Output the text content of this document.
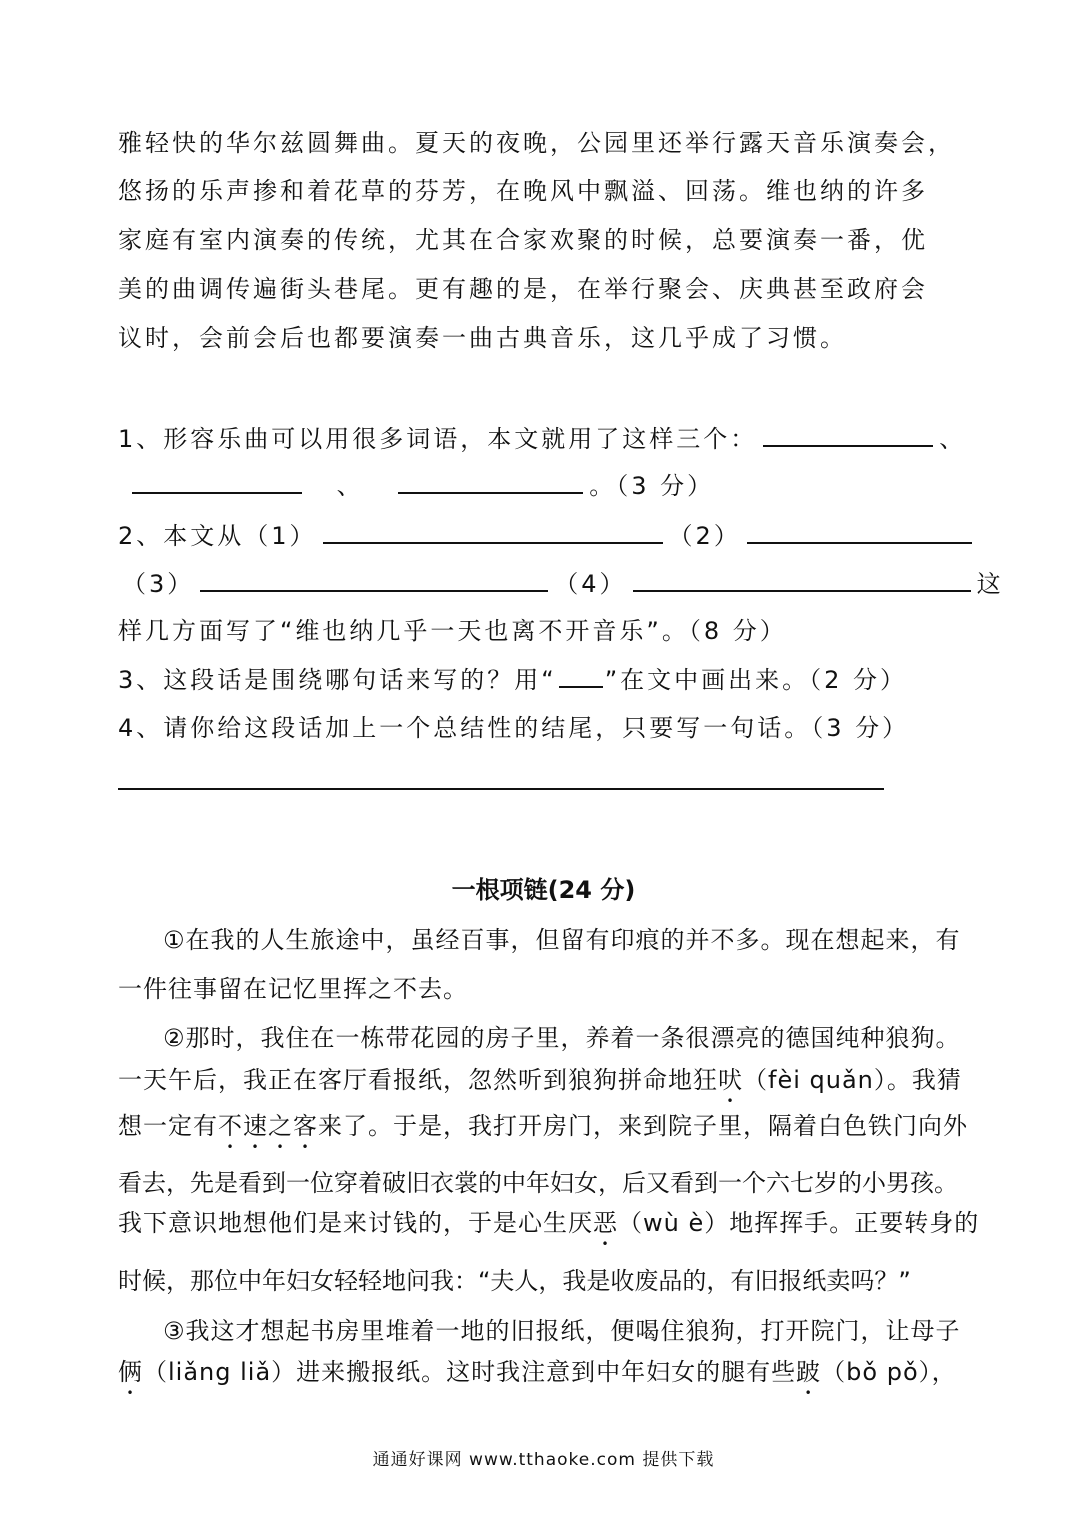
雅轻快的华尔兹圆舞曲。夏天的夜晚，公园里还举行露天音乐演奏会，
悠扬的乐声掺和着花草的芬芳，在晚风中飘溢、回荡。维也纳的许多
家庭有室内演奏的传统，尤其在合家欢聚的时候，总要演奏一番，优
美的曲调传遍街头巷尾。更有趣的是，在举行聚会、庆典甚至政府会
议时，会前会后也都要演奏一曲古典音乐，这几乎成了习惯。
1、形容乐曲可以用很多词语，本文就用了这样三个：	、
、	。（3 分）
2、本文从（1）	（2）
（3）	（4）	这
样几方面写了“维也纳几乎一天也离不开音乐”。（8 分）
3、这段话是围绕哪句话来写的？用“ ”在文中画出来。（2 分）
4、请你给这段话加上一个总结性的结尾，只要写一句话。（3 分）
一根项链(24 分)
①在我的人生旅途中，虽经百事，但留有印痕的并不多。现在想起来，有
一件往事留在记忆里挥之不去。
②那时，我住在一栋带花园的房子里，养着一条很漂亮的德国纯种狼狗。
一天午后，我正在客厅看报纸，忽然听到狼狗拼命地狂吠（fèi quǎn）。我猜
想一定有不速之客来了。于是，我打开房门，来到院子里，隔着白色铁门向外
看去，先是看到一位穿着破旧衣裳的中年妇女，后又看到一个六七岁的小男孩。
我下意识地想他们是来讨钱的，于是心生厌恶（wù è）地挥挥手。正要转身的
时候，那位中年妇女轻轻地问我：“夫人，我是收废品的，有旧报纸卖吗？”
③我这才想起书房里堆着一地的旧报纸，便喝住狼狗，打开院门，让母子
俩（liǎng liǎ）进来搬报纸。这时我注意到中年妇女的腿有些跛（bǒ pǒ），
通通好课网 www.tthaoke.com 提供下载
